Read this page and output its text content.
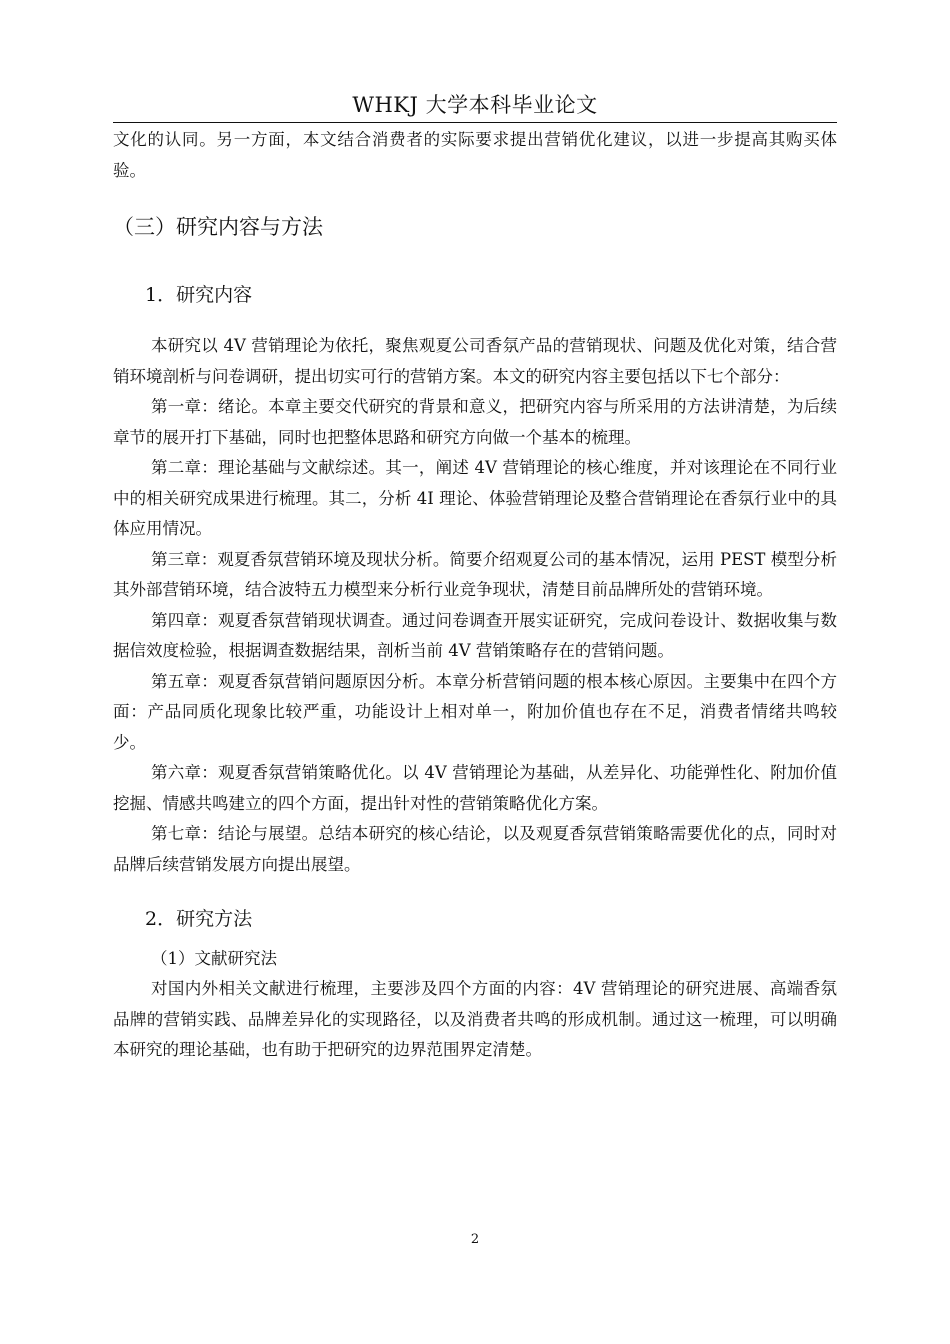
WHKJ 大学本科毕业论文

文化的认同。另一方面，本文结合消费者的实际要求提出营销优化建议，以进一步提高其购买体验。

（三）研究内容与方法
1．研究内容

本研究以 4V 营销理论为依托，聚焦观夏公司香氛产品的营销现状、问题及优化对策，结合营销环境剖析与问卷调研，提出切实可行的营销方案。本文的研究内容主要包括以下七个部分：

第一章：绪论。本章主要交代研究的背景和意义，把研究内容与所采用的方法讲清楚，为后续章节的展开打下基础，同时也把整体思路和研究方向做一个基本的梳理。

第二章：理论基础与文献综述。其一，阐述 4V 营销理论的核心维度，并对该理论在不同行业中的相关研究成果进行梳理。其二，分析 4I 理论、体验营销理论及整合营销理论在香氛行业中的具体应用情况。

第三章：观夏香氛营销环境及现状分析。简要介绍观夏公司的基本情况，运用 PEST 模型分析其外部营销环境，结合波特五力模型来分析行业竞争现状，清楚目前品牌所处的营销环境。

第四章：观夏香氛营销现状调查。通过问卷调查开展实证研究，完成问卷设计、数据收集与数据信效度检验，根据调查数据结果，剖析当前 4V 营销策略存在的营销问题。

第五章：观夏香氛营销问题原因分析。本章分析营销问题的根本核心原因。主要集中在四个方面：产品同质化现象比较严重，功能设计上相对单一，附加价值也存在不足，消费者情绪共鸣较少。

第六章：观夏香氛营销策略优化。以 4V 营销理论为基础，从差异化、功能弹性化、附加价值挖掘、情感共鸣建立的四个方面，提出针对性的营销策略优化方案。

第七章：结论与展望。总结本研究的核心结论，以及观夏香氛营销策略需要优化的点，同时对品牌后续营销发展方向提出展望。

2．研究方法
（1）文献研究法

对国内外相关文献进行梳理，主要涉及四个方面的内容：4V 营销理论的研究进展、高端香氛品牌的营销实践、品牌差异化的实现路径，以及消费者共鸣的形成机制。通过这一梳理，可以明确本研究的理论基础，也有助于把研究的边界范围界定清楚。

2
